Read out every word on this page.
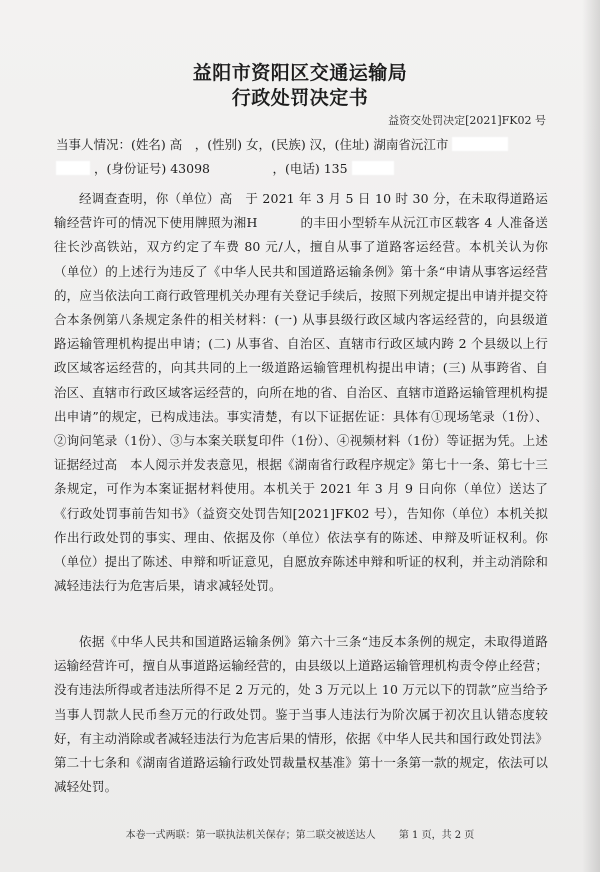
益阳市资阳区交通运输局
行政处罚决定书
益资交处罚决定[2021]FK02 号
当事人情况：(姓名) 高　，(性别) 女，(民族) 汉，(住址) 湖南省沅江市
，(身份证号) 43098　　　　　，(电话) 135
经调查查明，你（单位）高　于 2021 年 3 月 5 日 10 时 30 分，在未取得道路运输经营许可的情况下使用牌照为湘H　　　 的丰田小型轿车从沅江市区载客 4 人准备送往长沙高铁站，双方约定了车费 80 元/人，擅自从事了道路客运经营。本机关认为你（单位）的上述行为违反了《中华人民共和国道路运输条例》第十条“申请从事客运经营的，应当依法向工商行政管理机关办理有关登记手续后，按照下列规定提出申请并提交符合本条例第八条规定条件的相关材料：(一) 从事县级行政区域内客运经营的，向县级道路运输管理机构提出申请；(二) 从事省、自治区、直辖市行政区域内跨 2 个县级以上行政区域客运经营的，向其共同的上一级道路运输管理机构提出申请；(三) 从事跨省、自治区、直辖市行政区域客运经营的，向所在地的省、自治区、直辖市道路运输管理机构提出申请”的规定，已构成违法。事实清楚，有以下证据佐证：具体有①现场笔录（1份）、②询问笔录（1份）、③与本案关联复印件（1份）、④视频材料（1份）等证据为凭。上述证据经过高　本人阅示并发表意见，根据《湖南省行政程序规定》第七十一条、第七十三条规定，可作为本案证据材料使用。本机关于 2021 年 3 月 9 日向你（单位）送达了《行政处罚事前告知书》（益资交处罚告知[2021]FK02 号），告知你（单位）本机关拟作出行政处罚的事实、理由、依据及你（单位）依法享有的陈述、申辩及听证权利。你（单位）提出了陈述、申辩和听证意见，自愿放弃陈述申辩和听证的权利，并主动消除和减轻违法行为危害后果，请求减轻处罚。
依据《中华人民共和国道路运输条例》第六十三条“违反本条例的规定，未取得道路运输经营许可，擅自从事道路运输经营的，由县级以上道路运输管理机构责令停止经营；没有违法所得或者违法所得不足 2 万元的，处 3 万元以上 10 万元以下的罚款”应当给予当事人罚款人民币叁万元的行政处罚。鉴于当事人违法行为阶次属于初次且认错态度较好，有主动消除或者减轻违法行为危害后果的情形，依据《中华人民共和国行政处罚法》第二十七条和《湖南省道路运输行政处罚裁量权基准》第十一条第一款的规定，依法可以减轻处罚。
本卷一式两联：第一联执法机关保存；第二联交被送达人 第 1 页，共 2 页
